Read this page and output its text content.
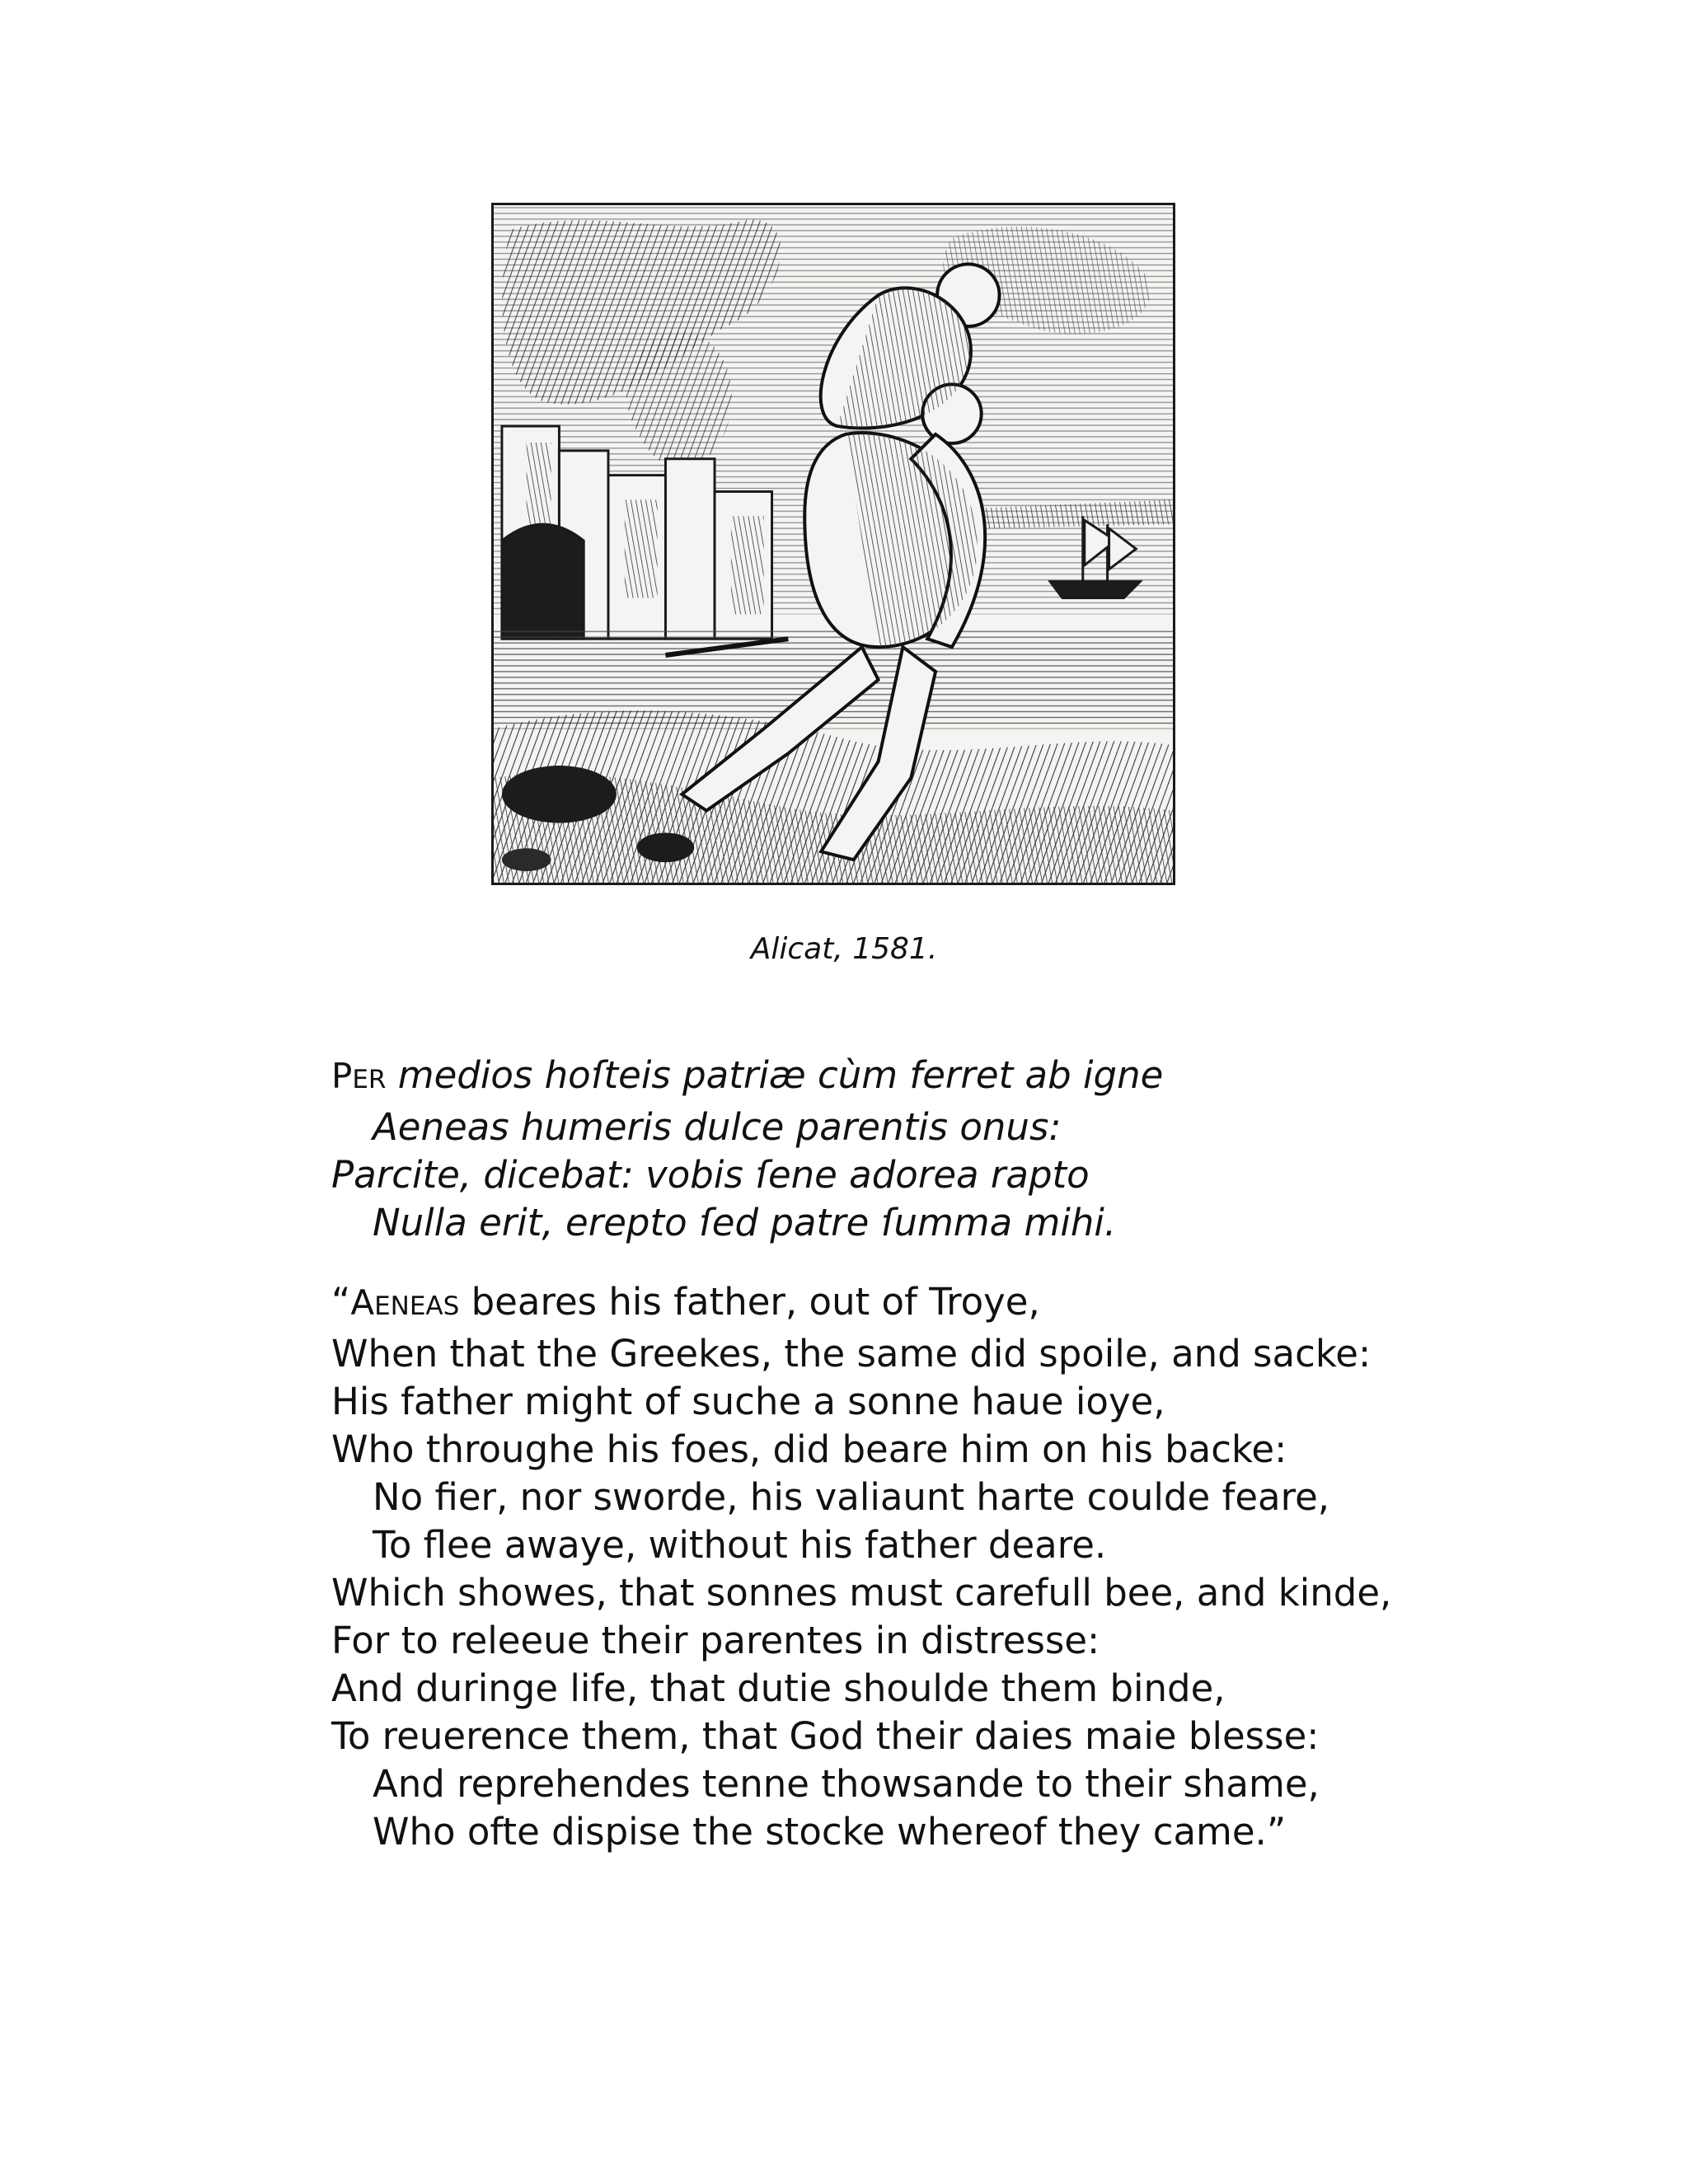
Alicat, 1581.
PER medios hoſteis patriæ cùm ferret ab igne
Aeneas humeris dulce parentis onus:
Parcite, dicebat: vobis ſene adorea rapto
Nulla erit, erepto ſed patre ſumma mihi.
“AENEAS beares his father, out of Troye,
When that the Greekes, the same did spoile, and sacke:
His father might of suche a sonne haue ioye,
Who throughe his foes, did beare him on his backe:
No fier, nor sworde, his valiaunt harte coulde feare,
To flee awaye, without his father deare.
Which showes, that sonnes must carefull bee, and kinde,
For to releeue their parentes in distresse:
And duringe life, that dutie shoulde them binde,
To reuerence them, that God their daies maie blesse:
And reprehendes tenne thowsande to their shame,
Who ofte dispise the stocke whereof they came.”
